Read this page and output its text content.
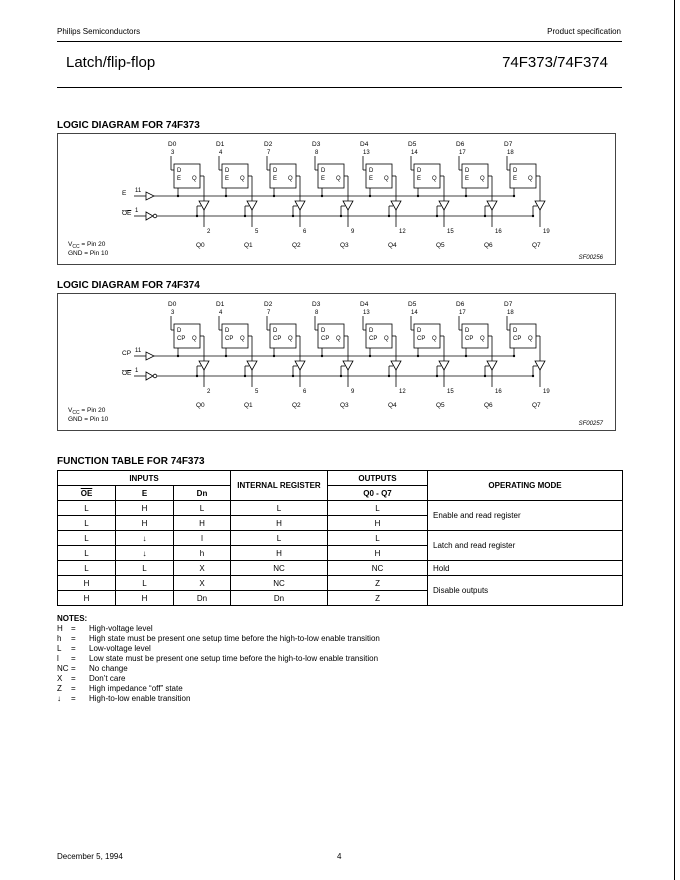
Philips Semiconductors	Product specification
Latch/flip-flop	74F373/74F374
LOGIC DIAGRAM FOR 74F373
D0
3
D
E Q
2
Q0
D1
4
D
E Q
5
Q1
D2
7
D
E Q
6
Q2
D3
8
D
E Q
9
Q3
D4
13
D
E Q
12
Q4
D5
14
D
E Q
15
Q5
D6
17
D
E Q
16
Q6
D7
18
D
E Q
19
Q7
E 11
OE 1
$V_{CC}$ = Pin 20
GND = Pin 10
SF00256
LOGIC DIAGRAM FOR 74F374
D0
3
D
CP Q
2
Q0
D1
4
D
CP Q
5
Q1
D2
7
D
CP Q
6
Q2
D3
8
D
CP Q
9
Q3
D4
13
D
CP Q
12
Q4
D5
14
D
CP Q
15
Q5
D6
17
D
CP Q
16
Q6
D7
18
D
CP Q
19
Q7
CP 11
OE 1
$V_{CC}$ = Pin 20
GND = Pin 10
SF00257
FUNCTION TABLE FOR 74F373
INPUTS			INTERNAL REGISTER	OUTPUTS	OPERATING MODE
$\overline{OE}$	E	Dn		Q0 - Q7	
L	H	L	L	L	Enable and read register
L	H	H	H	H	
L	↓	l	L	L	Latch and read register
L	↓	h	H	H	
L	L	X	NC	NC	Hold
H	L	X	NC	Z	Disable outputs
H	H	Dn	Dn	Z	
NOTES:
H	=	High-voltage level
h	=	High state must be present one setup time before the high-to-low enable transition
L	=	Low-voltage level
l	=	Low state must be present one setup time before the high-to-low enable transition
NC =	No change
X	=	Don’t care
Z	=	High impedance “off” state
↓	=	High-to-low enable transition
December 5, 1994	4
